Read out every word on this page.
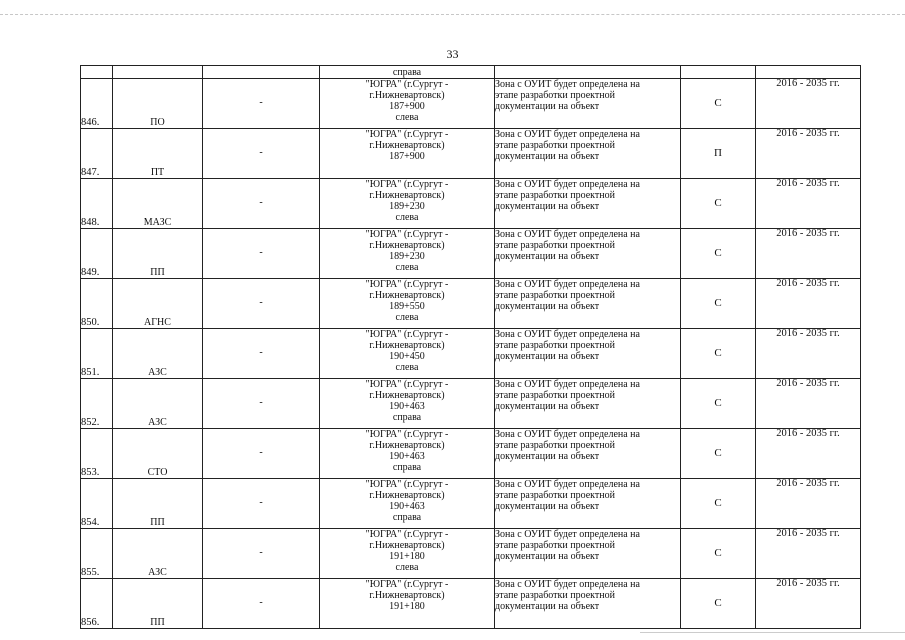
33
			справа			
846.	ПО	-	"ЮГРА" (г.Сургут -
г.Нижневартовск)
187+900
слева	Зона с ОУИТ будет определена на
этапе разработки проектной
документации на объект	С	2016 - 2035 гг.
847.	ПТ	-	"ЮГРА" (г.Сургут -
г.Нижневартовск)
187+900	Зона с ОУИТ будет определена на
этапе разработки проектной
документации на объект	П	2016 - 2035 гг.
848.	МАЗС	-	"ЮГРА" (г.Сургут -
г.Нижневартовск)
189+230
слева	Зона с ОУИТ будет определена на
этапе разработки проектной
документации на объект	С	2016 - 2035 гг.
849.	ПП	-	"ЮГРА" (г.Сургут -
г.Нижневартовск)
189+230
слева	Зона с ОУИТ будет определена на
этапе разработки проектной
документации на объект	С	2016 - 2035 гг.
850.	АГНС	-	"ЮГРА" (г.Сургут -
г.Нижневартовск)
189+550
слева	Зона с ОУИТ будет определена на
этапе разработки проектной
документации на объект	С	2016 - 2035 гг.
851.	АЗС	-	"ЮГРА" (г.Сургут -
г.Нижневартовск)
190+450
слева	Зона с ОУИТ будет определена на
этапе разработки проектной
документации на объект	С	2016 - 2035 гг.
852.	АЗС	-	"ЮГРА" (г.Сургут -
г.Нижневартовск)
190+463
справа	Зона с ОУИТ будет определена на
этапе разработки проектной
документации на объект	С	2016 - 2035 гг.
853.	СТО	-	"ЮГРА" (г.Сургут -
г.Нижневартовск)
190+463
справа	Зона с ОУИТ будет определена на
этапе разработки проектной
документации на объект	С	2016 - 2035 гг.
854.	ПП	-	"ЮГРА" (г.Сургут -
г.Нижневартовск)
190+463
справа	Зона с ОУИТ будет определена на
этапе разработки проектной
документации на объект	С	2016 - 2035 гг.
855.	АЗС	-	"ЮГРА" (г.Сургут -
г.Нижневартовск)
191+180
слева	Зона с ОУИТ будет определена на
этапе разработки проектной
документации на объект	С	2016 - 2035 гг.
856.	ПП	-	"ЮГРА" (г.Сургут -
г.Нижневартовск)
191+180	Зона с ОУИТ будет определена на
этапе разработки проектной
документации на объект	С	2016 - 2035 гг.
